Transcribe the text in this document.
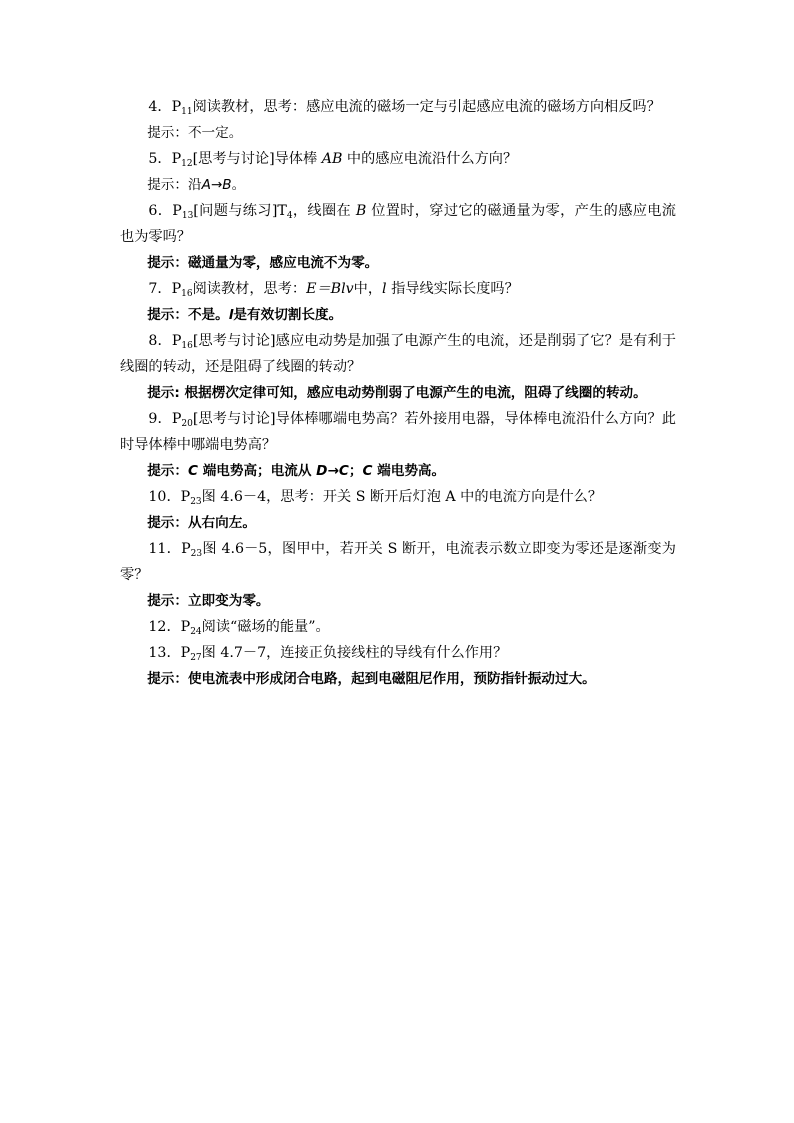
4．$P_{11}$阅读教材，思考：感应电流的磁场一定与引起感应电流的磁场方向相反吗？

提示：不一定。

5．$P_{12}$[思考与讨论]导体棒 AB 中的感应电流沿什么方向？

提示：沿A→B。

6．$P_{13}$[问题与练习]$T_4$，线圈在 B 位置时，穿过它的磁通量为零，产生的感应电流也为零吗？

提示：磁通量为零，感应电流不为零。

7．$P_{16}$阅读教材，思考：E＝Blv中，l 指导线实际长度吗？

提示：不是。l是有效切割长度。

8．$P_{16}$[思考与讨论]感应电动势是加强了电源产生的电流，还是削弱了它？是有利于线圈的转动，还是阻碍了线圈的转动？

提示: 根据楞次定律可知，感应电动势削弱了电源产生的电流，阻碍了线圈的转动。

9．$P_{20}$[思考与讨论]导体棒哪端电势高？若外接用电器，导体棒电流沿什么方向？此时导体棒中哪端电势高？

提示：C 端电势高；电流从 D→C；C 端电势高。

10．$P_{23}$图 4.6－4，思考：开关 S 断开后灯泡 A 中的电流方向是什么？

提示：从右向左。

11．$P_{23}$图 4.6－5，图甲中，若开关 S 断开，电流表示数立即变为零还是逐渐变为零？

提示：立即变为零。

12．$P_{24}$阅读“磁场的能量”。

13．$P_{27}$图 4.7－7，连接正负接线柱的导线有什么作用？

提示：使电流表中形成闭合电路，起到电磁阻尼作用，预防指针振动过大。
